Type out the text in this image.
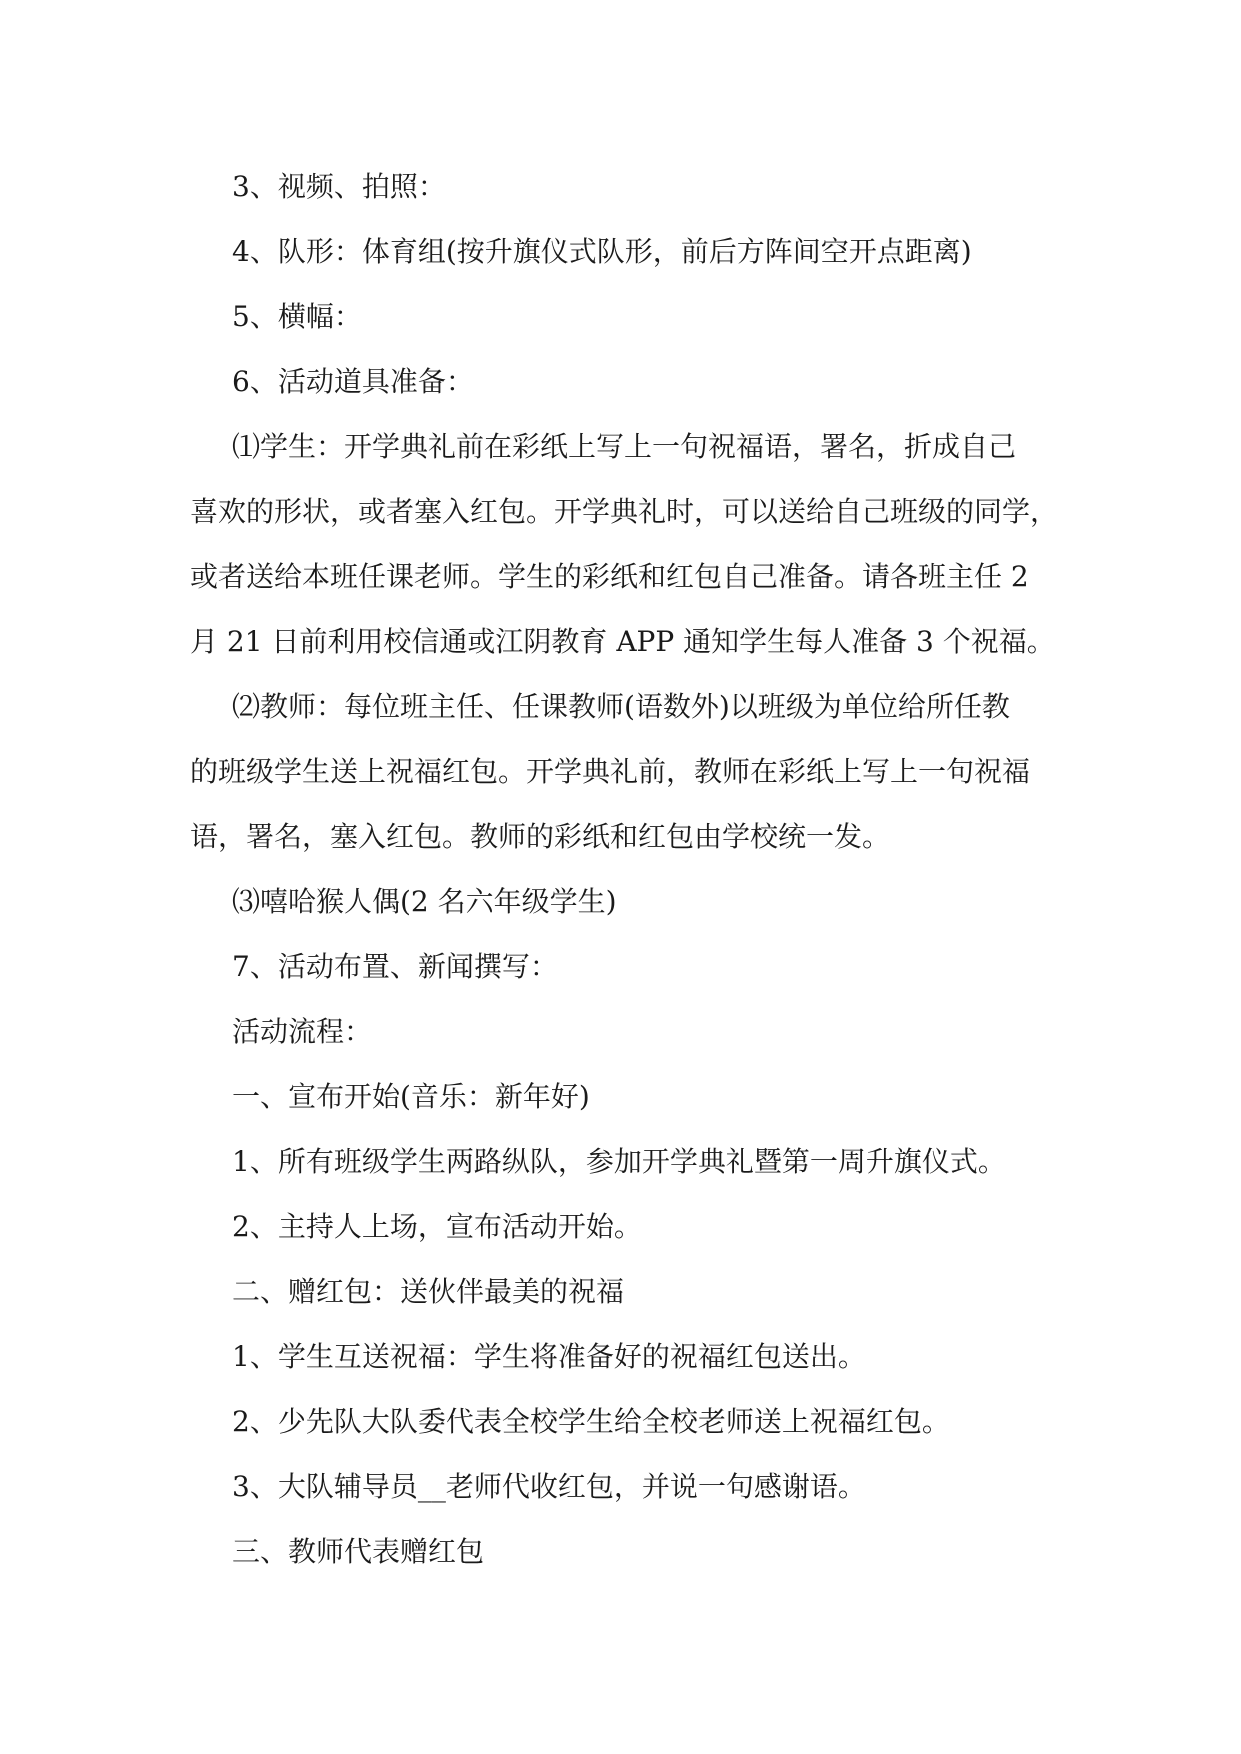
3、视频、拍照：

4、队形：体育组(按升旗仪式队形，前后方阵间空开点距离)

5、横幅：

6、活动道具准备：

⑴学生：开学典礼前在彩纸上写上一句祝福语，署名，折成自己
喜欢的形状，或者塞入红包。开学典礼时，可以送给自己班级的同学，
或者送给本班任课老师。学生的彩纸和红包自己准备。请各班主任 2
月 21 日前利用校信通或江阴教育 APP 通知学生每人准备 3 个祝福。

⑵教师：每位班主任、任课教师(语数外)以班级为单位给所任教
的班级学生送上祝福红包。开学典礼前，教师在彩纸上写上一句祝福
语，署名，塞入红包。教师的彩纸和红包由学校统一发。

⑶嘻哈猴人偶(2 名六年级学生)

7、活动布置、新闻撰写：

活动流程：

一、宣布开始(音乐：新年好)

1、所有班级学生两路纵队，参加开学典礼暨第一周升旗仪式。

2、主持人上场，宣布活动开始。

二、赠红包：送伙伴最美的祝福

1、学生互送祝福：学生将准备好的祝福红包送出。

2、少先队大队委代表全校学生给全校老师送上祝福红包。

3、大队辅导员__老师代收红包，并说一句感谢语。

三、教师代表赠红包
